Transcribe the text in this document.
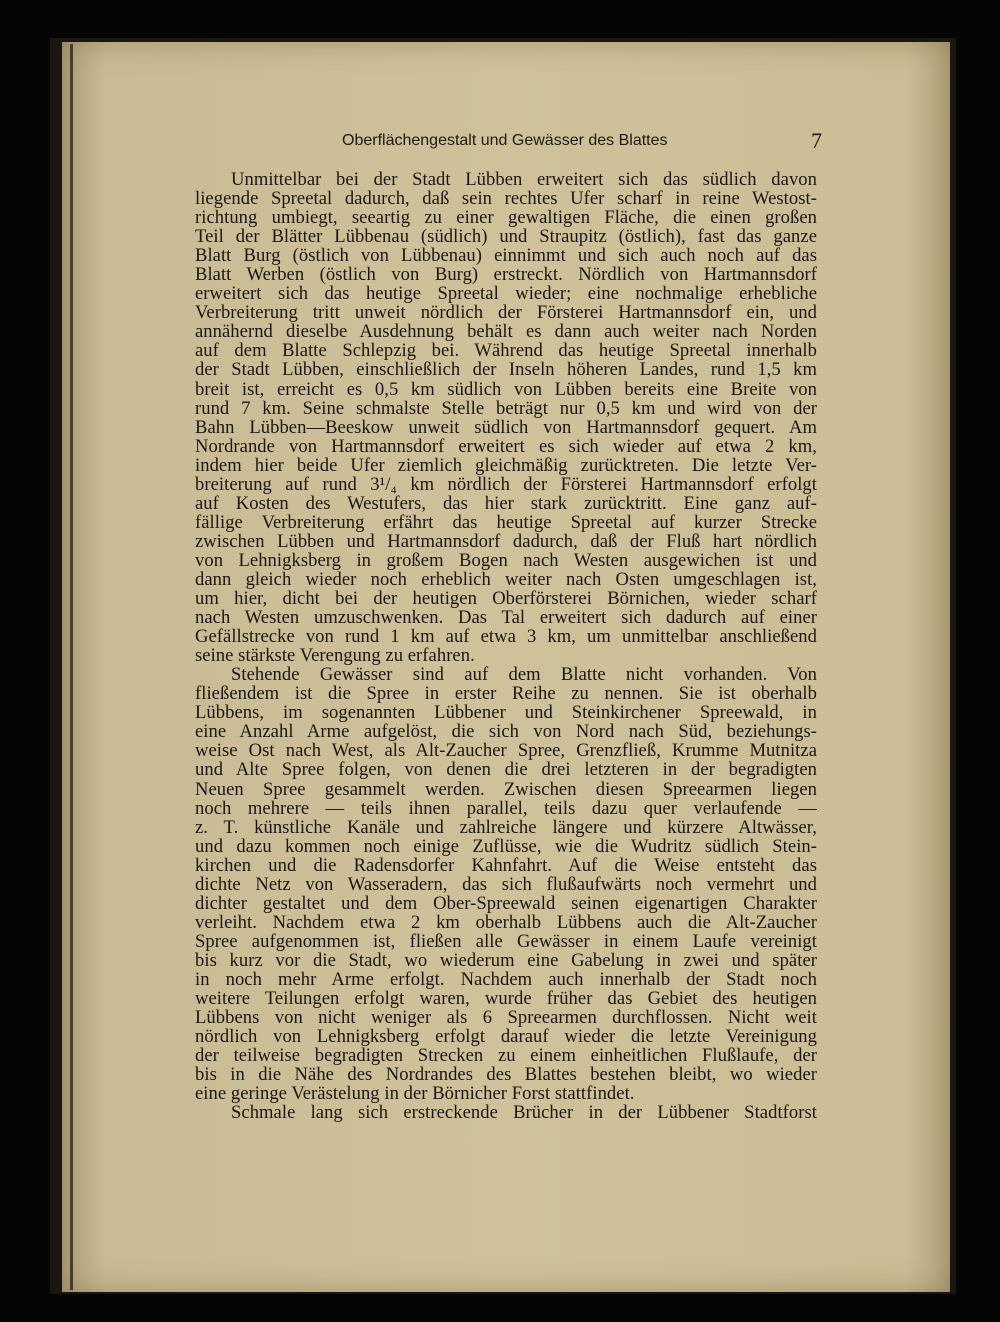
Oberflächengestalt und Gewässer des Blattes	7
Unmittelbar bei der Stadt Lübben erweitert sich das südlich davon
liegende Spreetal dadurch, daß sein rechtes Ufer scharf in reine Westost-
richtung umbiegt, seeartig zu einer gewaltigen Fläche, die einen großen
Teil der Blätter Lübbenau (südlich) und Straupitz (östlich), fast das ganze
Blatt Burg (östlich von Lübbenau) einnimmt und sich auch noch auf das
Blatt Werben (östlich von Burg) erstreckt. Nördlich von Hartmannsdorf
erweitert sich das heutige Spreetal wieder; eine nochmalige erhebliche
Verbreiterung tritt unweit nördlich der Försterei Hartmannsdorf ein, und
annähernd dieselbe Ausdehnung behält es dann auch weiter nach Norden
auf dem Blatte Schlepzig bei. Während das heutige Spreetal innerhalb
der Stadt Lübben, einschließlich der Inseln höheren Landes, rund 1,5 km
breit ist, erreicht es 0,5 km südlich von Lübben bereits eine Breite von
rund 7 km. Seine schmalste Stelle beträgt nur 0,5 km und wird von der
Bahn Lübben—Beeskow unweit südlich von Hartmannsdorf gequert. Am
Nordrande von Hartmannsdorf erweitert es sich wieder auf etwa 2 km,
indem hier beide Ufer ziemlich gleichmäßig zurücktreten. Die letzte Ver-
breiterung auf rund 3¹/₄ km nördlich der Försterei Hartmannsdorf erfolgt
auf Kosten des Westufers, das hier stark zurücktritt. Eine ganz auf-
fällige Verbreiterung erfährt das heutige Spreetal auf kurzer Strecke
zwischen Lübben und Hartmannsdorf dadurch, daß der Fluß hart nördlich
von Lehnigksberg in großem Bogen nach Westen ausgewichen ist und
dann gleich wieder noch erheblich weiter nach Osten umgeschlagen ist,
um hier, dicht bei der heutigen Oberförsterei Börnichen, wieder scharf
nach Westen umzuschwenken. Das Tal erweitert sich dadurch auf einer
Gefällstrecke von rund 1 km auf etwa 3 km, um unmittelbar anschließend
seine stärkste Verengung zu erfahren.
Stehende Gewässer sind auf dem Blatte nicht vorhanden. Von
fließendem ist die Spree in erster Reihe zu nennen. Sie ist oberhalb
Lübbens, im sogenannten Lübbener und Steinkirchener Spreewald, in
eine Anzahl Arme aufgelöst, die sich von Nord nach Süd, beziehungs-
weise Ost nach West, als Alt-Zaucher Spree, Grenzfließ, Krumme Mutnitza
und Alte Spree folgen, von denen die drei letzteren in der begradigten
Neuen Spree gesammelt werden. Zwischen diesen Spreearmen liegen
noch mehrere — teils ihnen parallel, teils dazu quer verlaufende —
z. T. künstliche Kanäle und zahlreiche längere und kürzere Altwässer,
und dazu kommen noch einige Zuflüsse, wie die Wudritz südlich Stein-
kirchen und die Radensdorfer Kahnfahrt. Auf die Weise entsteht das
dichte Netz von Wasseradern, das sich flußaufwärts noch vermehrt und
dichter gestaltet und dem Ober-Spreewald seinen eigenartigen Charakter
verleiht. Nachdem etwa 2 km oberhalb Lübbens auch die Alt-Zaucher
Spree aufgenommen ist, fließen alle Gewässer in einem Laufe vereinigt
bis kurz vor die Stadt, wo wiederum eine Gabelung in zwei und später
in noch mehr Arme erfolgt. Nachdem auch innerhalb der Stadt noch
weitere Teilungen erfolgt waren, wurde früher das Gebiet des heutigen
Lübbens von nicht weniger als 6 Spreearmen durchflossen. Nicht weit
nördlich von Lehnigksberg erfolgt darauf wieder die letzte Vereinigung
der teilweise begradigten Strecken zu einem einheitlichen Flußlaufe, der
bis in die Nähe des Nordrandes des Blattes bestehen bleibt, wo wieder
eine geringe Verästelung in der Börnicher Forst stattfindet.
Schmale lang sich erstreckende Brücher in der Lübbener Stadtforst
